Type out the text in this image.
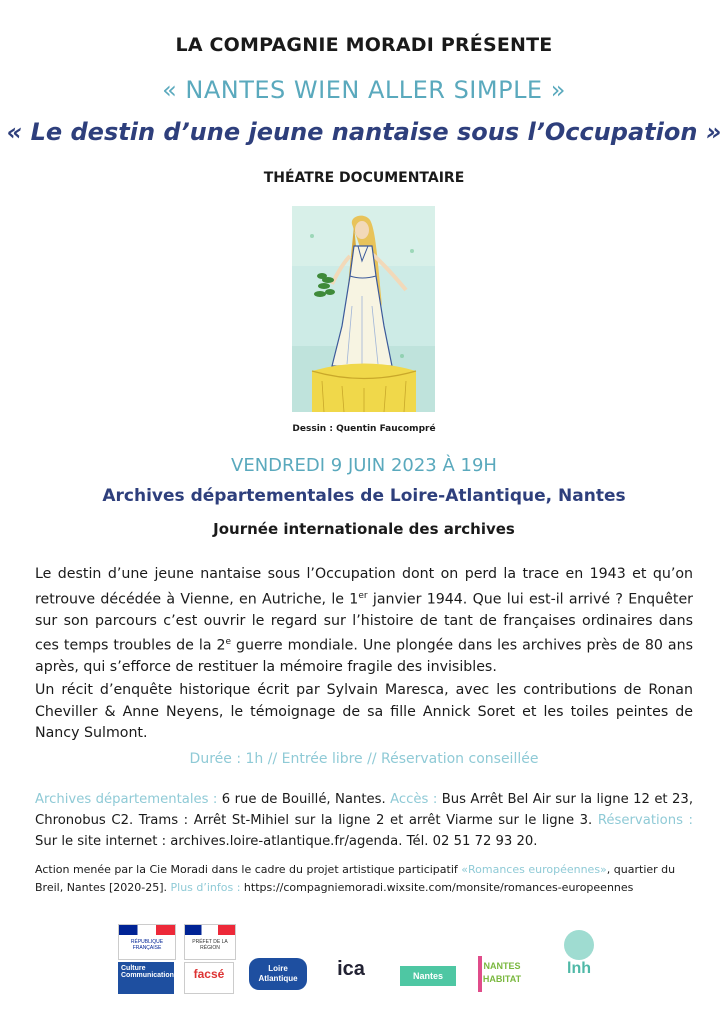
LA COMPAGNIE MORADI PRÉSENTE
« NANTES WIEN ALLER SIMPLE »
« Le destin d’une jeune nantaise sous l’Occupation »
THÉATRE DOCUMENTAIRE
Dessin : Quentin Faucompré
VENDREDI 9 JUIN 2023 À 19H
Archives départementales de Loire-Atlantique, Nantes
Journée internationale des archives
Le destin d’une jeune nantaise sous l’Occupation dont on perd la trace en 1943 et qu’on retrouve décédée à Vienne, en Autriche, le 1er janvier 1944. Que lui est-il arrivé ? Enquêter sur son parcours c’est ouvrir le regard sur l’histoire de tant de françaises ordinaires dans ces temps troubles de la 2e guerre mondiale. Une plongée dans les archives près de 80 ans après, qui s’efforce de restituer la mémoire fragile des invisibles.
Un récit d’enquête historique écrit par Sylvain Maresca, avec les contributions de Ronan Cheviller & Anne Neyens, le témoignage de sa fille Annick Soret et les toiles peintes de Nancy Sulmont.
Durée : 1h // Entrée libre // Réservation conseillée
Archives départementales : 6 rue de Bouillé, Nantes. Accès : Bus Arrêt Bel Air sur la ligne 12 et 23, Chronobus C2. Trams : Arrêt St-Mihiel sur la ligne 2 et arrêt Viarme sur le ligne 3. Réservations : Sur le site internet : archives.loire-atlantique.fr/agenda. Tél. 02 51 72 93 20.
Action menée par la Cie Moradi dans le cadre du projet artistique participatif «Romances européennes», quartier du Breil, Nantes [2020-25]. Plus d’infos : https://compagniemoradi.wixsite.com/monsite/romances-europeennes
RÉPUBLIQUE FRANÇAISE
PRÉFET DE LA RÉGION
Culture Communication	facsé	Loire Atlantique	ica	Nantes
NANTES HABITAT
lnh
